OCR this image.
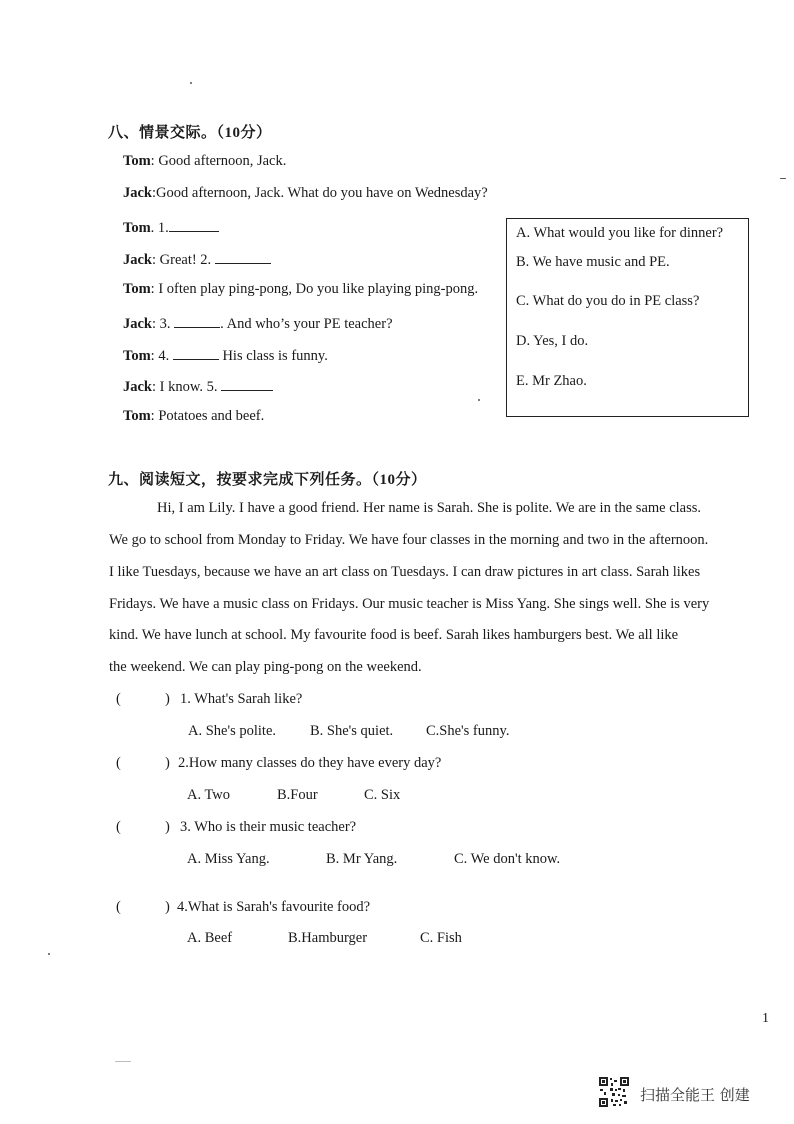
八、情景交际。（10分）
Tom: Good afternoon, Jack.
Jack:Good afternoon, Jack. What do you have on Wednesday?
Tom. 1.
Jack: Great! 2.
Tom: I often play ping-pong, Do you like playing ping-pong.
Jack: 3.	. And who’s your PE teacher?
Tom: 4.	His class is funny.
Jack: I know. 5.
Tom: Potatoes and beef.
A. What would you like for dinner?
B. We have music and PE.
C. What do you do in PE class?
D. Yes, I do.
E. Mr Zhao.
九、阅读短文，按要求完成下列任务。（10分）
Hi, I am Lily. I have a good friend. Her name is Sarah. She is polite. We are in the same class.
We go to school from Monday to Friday. We have four classes in the morning and two in the afternoon.
I like Tuesdays, because we have an art class on Tuesdays. I can draw pictures in art class. Sarah likes
Fridays. We have a music class on Fridays. Our music teacher is Miss Yang. She sings well. She is very
kind. We have lunch at school. My favourite food is beef. Sarah likes hamburgers best. We all like
the weekend. We can play ping-pong on the weekend.
(	) 1. What's Sarah like?
A. She's polite. B. She's quiet. C.She's funny.
(	) 2.How many classes do they have every day?
A. Two	B.Four	C. Six
(	) 3. Who is their music teacher?
A. Miss Yang.	B. Mr Yang.	C. We don't know.
(	) 4.What is Sarah's favourite food?
A. Beef	B.Hamburger	C. Fish
1
扫描全能王 创建
